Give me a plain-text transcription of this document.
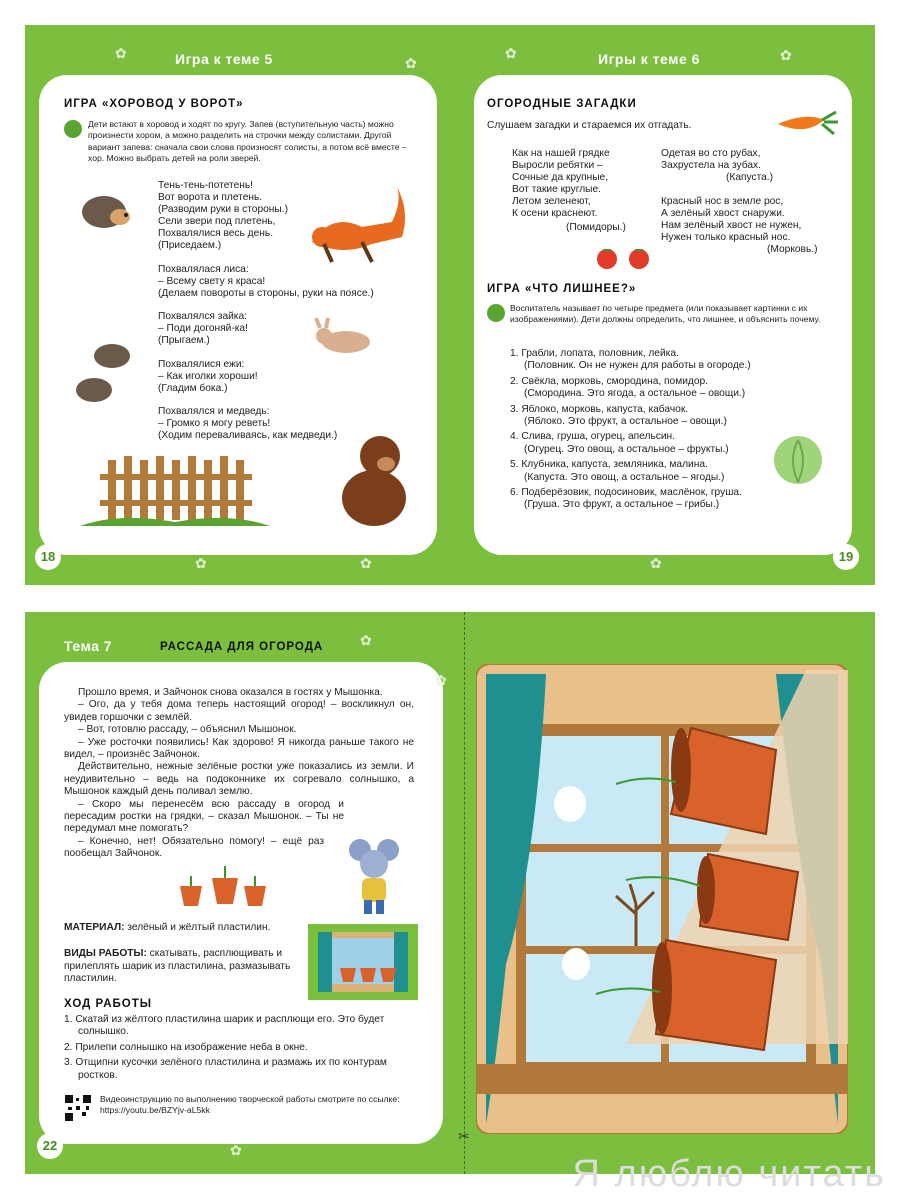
Игра к теме 5
18
✿
✿
✿	✿
ИГРА «ХОРОВОД У ВОРОТ»
Дети встают в хоровод и ходят по кругу. Запев (вступительную часть) можно произнести хором, а можно разделить на строчки между солистами. Другой вариант запева: сначала свои слова произносят солисты, а потом всё вместе – хор. Можно выбрать детей на роли зверей.
Тень-тень-потетень!
Вот ворота и плетень.
(Разводим руки в стороны.)
Сели звери под плетень,
Похвалялися весь день.
(Приседаем.)
Похвалялася лиса:
– Всему свету я краса!
(Делаем повороты в стороны, руки на поясе.)
Похвалялся зайка:
– Поди догоняй-ка!
(Прыгаем.)
Похвалялися ежи:
– Как иголки хороши!
(Гладим бока.)
Похвалялся и медведь:
– Громко я могу реветь!
(Ходим переваливаясь, как медведи.)
Игры к теме 6
19
✿	✿
✿
ОГОРОДНЫЕ ЗАГАДКИ
Слушаем загадки и стараемся их отгадать.
Как на нашей грядке
Выросли ребятки –
Сочные да крупные,
Вот такие круглые.
Летом зеленеют,
К осени краснеют.
(Помидоры.)
Одетая во сто рубах,
Захрустела на зубах.
(Капуста.)
Красный нос в земле рос,
А зелёный хвост снаружи.
Нам зелёный хвост не нужен,
Нужен только красный нос.
(Морковь.)
ИГРА «ЧТО ЛИШНЕЕ?»
Воспитатель называет по четыре предмета (или показывает картинки с их изображениями). Дети должны определить, что лишнее, и объяснить почему.
1. Грабли, лопата, половник, лейка.
(Половник. Он не нужен для работы в огороде.)
2. Свёкла, морковь, смородина, помидор.
(Смородина. Это ягода, а остальное – овощи.)
3. Яблоко, морковь, капуста, кабачок.
(Яблоко. Это фрукт, а остальное – овощи.)
4. Слива, груша, огурец, апельсин.
(Огурец. Это овощ, а остальное – фрукты.)
5. Клубника, капуста, земляника, малина.
(Капуста. Это овощ, а остальное – ягоды.)
6. Подберёзовик, подосиновик, маслёнок, груша.
(Груша. Это фрукт, а остальное – грибы.)
22
✿
✿
✿
Тема 7	РАССАДА ДЛЯ ОГОРОДА

Прошло время, и Зайчонок снова оказался в гостях у Мышонка.

– Ого, да у тебя дома теперь настоящий огород! – воскликнул он, увидев горшочки с землёй.

– Вот, готовлю рассаду, – объяснил Мышонок.

– Уже росточки появились! Как здорово! Я никогда раньше такого не видел, – произнёс Зайчонок.

Действительно, нежные зелёные ростки уже показались из земли. И неудивительно – ведь на подоконнике их согревало солнышко, а Мышонок каждый день поливал землю.

– Скоро мы перенесём всю рассаду в огород и пересадим ростки на грядки, – сказал Мышонок. – Ты не передумал мне помогать?

– Конечно, нет! Обязательно помогу! – ещё раз пообещал Зайчонок.

МАТЕРИАЛ: зелёный и жёлтый пластилин.
ВИДЫ РАБОТЫ: скатывать, расплющивать и прилеплять шарик из пластилина, размазывать пластилин.
ХОД РАБОТЫ
1. Скатай из жёлтого пластилина шарик и расплющи его. Это будет солнышко.
2. Прилепи солнышко на изображение неба в окне.
3. Отщипни кусочки зелёного пластилина и размажь их по контурам ростков.
Видеоинструкцию по выполнению творческой работы смотрите по ссылке: https://youtu.be/BZYjv-aL5kk
✂
Я люблю читать
